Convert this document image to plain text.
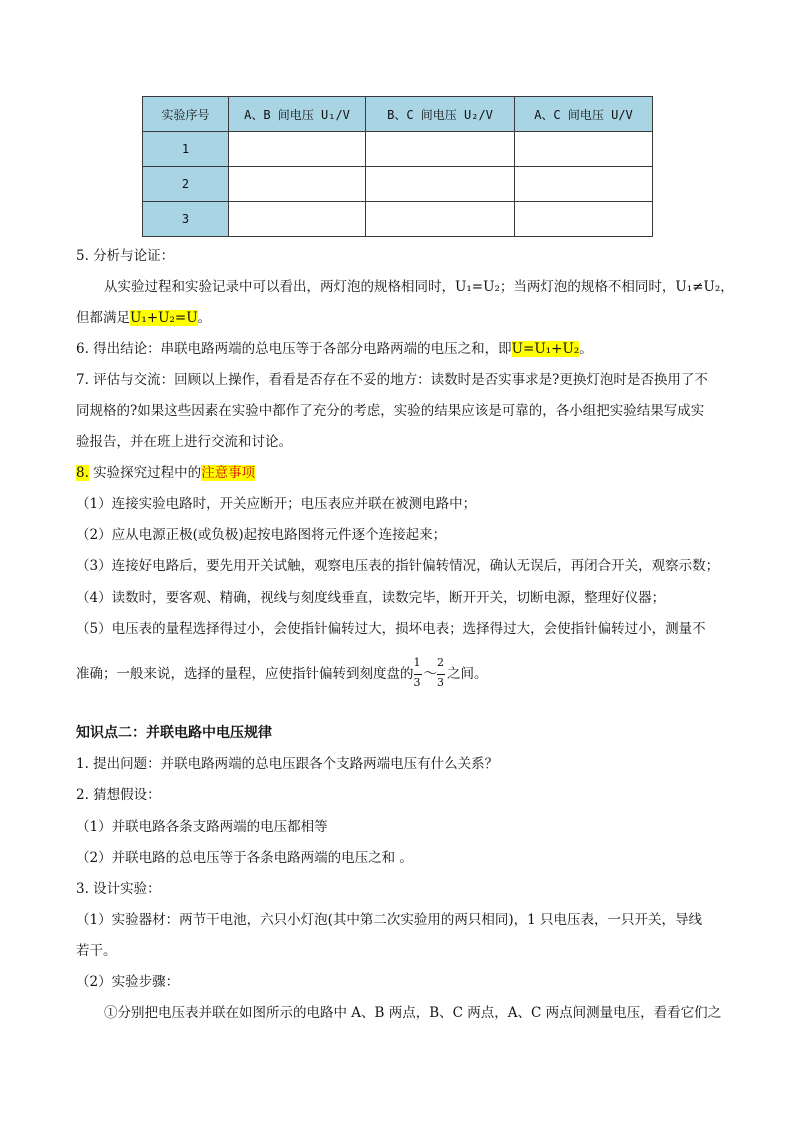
实验序号	A、B 间电压 U₁/V	B、C 间电压 U₂/V	A、C 间电压 U/V
1			
2			
3			
5. 分析与论证：
从实验过程和实验记录中可以看出，两灯泡的规格相同时，U₁=U₂；当两灯泡的规格不相同时，U₁≠U₂，
但都满足U₁+U₂=U。
6. 得出结论：串联电路两端的总电压等于各部分电路两端的电压之和，即U=U₁+U₂。
7. 评估与交流：回顾以上操作，看看是否存在不妥的地方：读数时是否实事求是?更换灯泡时是否换用了不
同规格的?如果这些因素在实验中都作了充分的考虑，实验的结果应该是可靠的，各小组把实验结果写成实
验报告，并在班上进行交流和讨论。
8. 实验探究过程中的注意事项
（1）连接实验电路时，开关应断开；电压表应并联在被测电路中；
（2）应从电源正极(或负极)起按电路图将元件逐个连接起来；
（3）连接好电路后，要先用开关试触，观察电压表的指针偏转情况，确认无误后，再闭合开关，观察示数；
（4）读数时，要客观、精确，视线与刻度线垂直，读数完毕，断开开关，切断电源，整理好仪器；
（5）电压表的量程选择得过小，会使指针偏转过大，损坏电表；选择得过大，会使指针偏转过小，测量不
准确；一般来说，选择的量程，应使指针偏转到刻度盘的 $\frac{1}{3}$ ～ $\frac{2}{3}$ 之间。
知识点二：并联电路中电压规律
1. 提出问题：并联电路两端的总电压跟各个支路两端电压有什么关系？
2. 猜想假设：
（1）并联电路各条支路两端的电压都相等
（2）并联电路的总电压等于各条电路两端的电压之和 。
3. 设计实验：
（1）实验器材：两节干电池，六只小灯泡(其中第二次实验用的两只相同)，1 只电压表，一只开关，导线
若干。
（2）实验步骤：
①分别把电压表并联在如图所示的电路中 A、B 两点，B、C 两点，A、C 两点间测量电压，看看它们之
